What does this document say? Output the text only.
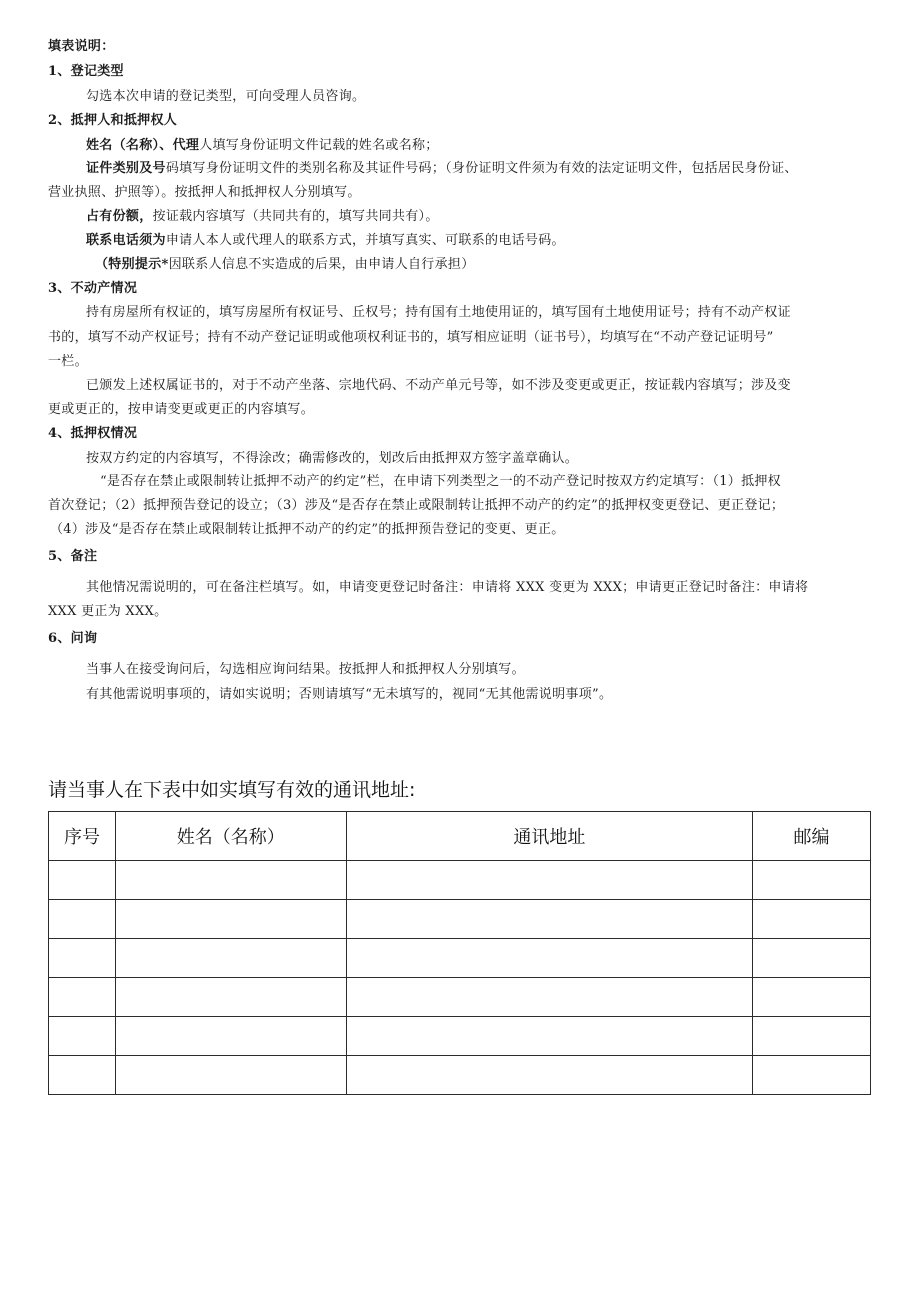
填表说明：
1、登记类型
勾选本次申请的登记类型，可向受理人员咨询。
2、抵押人和抵押权人
姓名（名称）、代理人填写身份证明文件记载的姓名或名称；
证件类别及号码填写身份证明文件的类别名称及其证件号码；（身份证明文件须为有效的法定证明文件，包括居民身份证、
营业执照、护照等）。按抵押人和抵押权人分别填写。
占有份额，按证载内容填写（共同共有的，填写共同共有）。
联系电话须为申请人本人或代理人的联系方式，并填写真实、可联系的电话号码。
（特别提示*因联系人信息不实造成的后果，由申请人自行承担）
3、不动产情况
持有房屋所有权证的，填写房屋所有权证号、丘权号；持有国有土地使用证的，填写国有土地使用证号；持有不动产权证
书的，填写不动产权证号；持有不动产登记证明或他项权利证书的，填写相应证明（证书号），均填写在“不动产登记证明号”
一栏。
已颁发上述权属证书的，对于不动产坐落、宗地代码、不动产单元号等，如不涉及变更或更正，按证载内容填写；涉及变
更或更正的，按申请变更或更正的内容填写。
4、抵押权情况
按双方约定的内容填写，不得涂改；确需修改的，划改后由抵押双方签字盖章确认。
“是否存在禁止或限制转让抵押不动产的约定”栏，在申请下列类型之一的不动产登记时按双方约定填写：（1）抵押权
首次登记；（2）抵押预告登记的设立；（3）涉及“是否存在禁止或限制转让抵押不动产的约定”的抵押权变更登记、更正登记；
（4）涉及“是否存在禁止或限制转让抵押不动产的约定”的抵押预告登记的变更、更正。
5、备注
其他情况需说明的，可在备注栏填写。如，申请变更登记时备注：申请将 XXX 变更为 XXX；申请更正登记时备注：申请将
XXX 更正为 XXX。
6、问询
当事人在接受询问后，勾选相应询问结果。按抵押人和抵押权人分别填写。
有其他需说明事项的，请如实说明；否则请填写“无未填写的，视同“无其他需说明事项”。
请当事人在下表中如实填写有效的通讯地址:
序号	姓名（名称）	通讯地址	邮编
